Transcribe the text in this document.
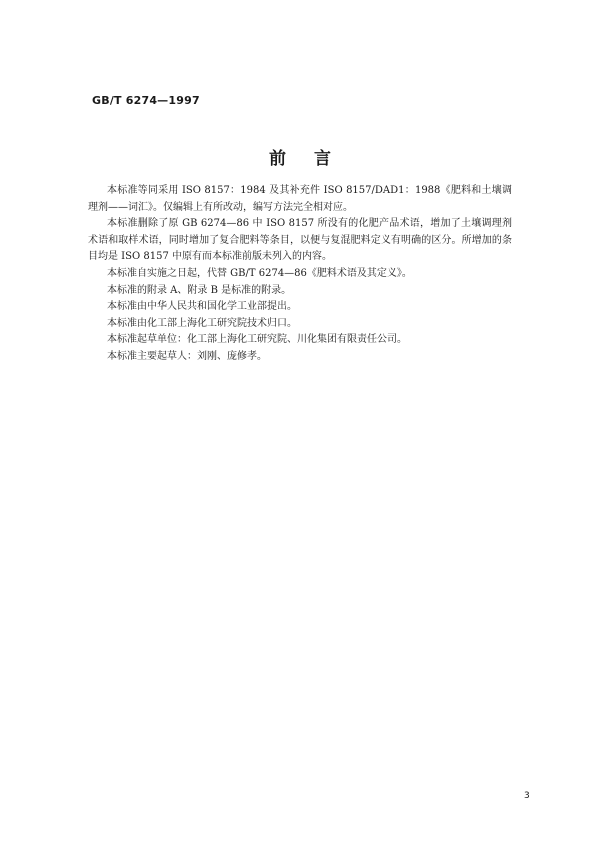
GB/T 6274—1997
前言

本标准等同采用 ISO 8157：1984 及其补充件 ISO 8157/DAD1：1988《肥料和土壤调理剂——词汇》。仅编辑上有所改动，编写方法完全相对应。

本标准删除了原 GB 6274—86 中 ISO 8157 所没有的化肥产品术语，增加了土壤调理剂术语和取样术语，同时增加了复合肥料等条目，以便与复混肥料定义有明确的区分。所增加的条目均是 ISO 8157 中原有而本标准前版未列入的内容。

本标准自实施之日起，代替 GB/T 6274—86《肥料术语及其定义》。

本标准的附录 A、附录 B 是标准的附录。

本标准由中华人民共和国化学工业部提出。

本标准由化工部上海化工研究院技术归口。

本标准起草单位：化工部上海化工研究院、川化集团有限责任公司。

本标准主要起草人：刘刚、庞修孝。

3
